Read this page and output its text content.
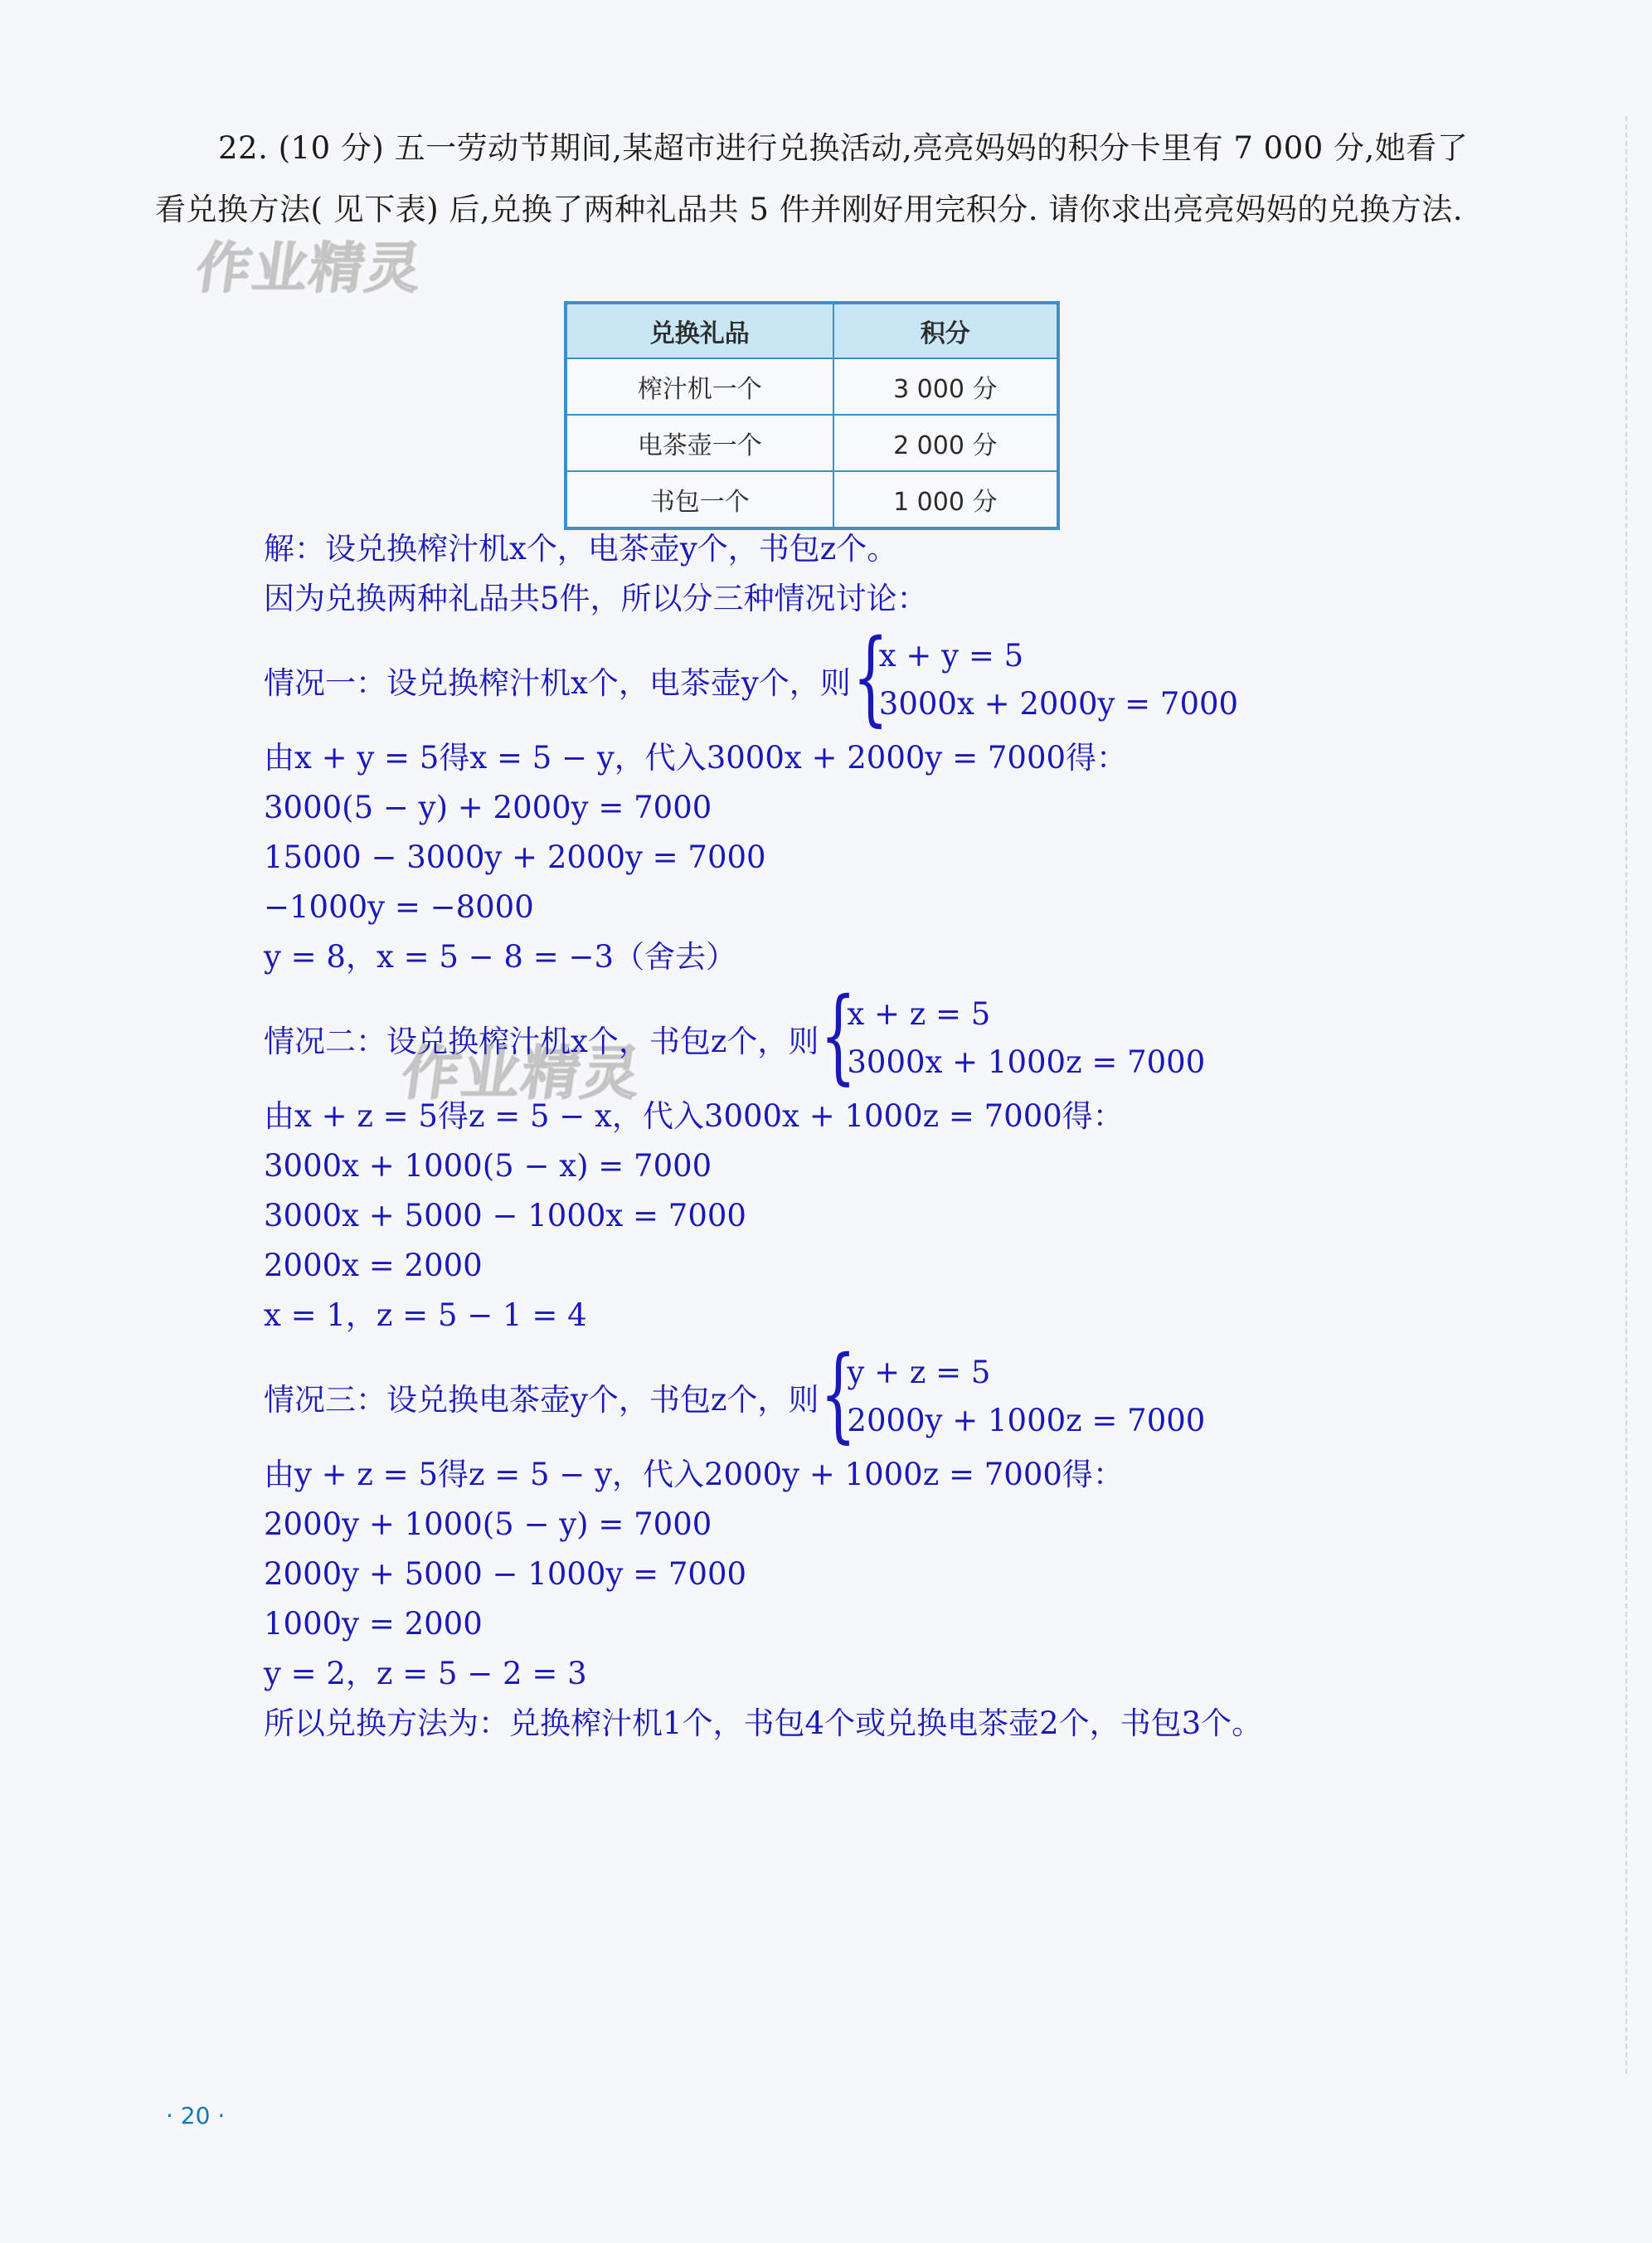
22. (10 分) 五一劳动节期间,某超市进行兑换活动,亮亮妈妈的积分卡里有 7 000 分,她看了看兑换方法( 见下表) 后,兑换了两种礼品共 5 件并刚好用完积分. 请你求出亮亮妈妈的兑换方法.
作业精灵
作业精灵
兑换礼品	积分
榨汁机一个	3 000 分
电茶壶一个	2 000 分
书包一个	1 000 分
解：设兑换榨汁机x个，电茶壶y个，书包z个。
因为兑换两种礼品共5件，所以分三种情况讨论：
情况一：设兑换榨汁机x个，电茶壶y个，则 {
x + y = 5
3000x + 2000y = 7000
由x + y = 5得x = 5 − y，代入3000x + 2000y = 7000得：
3000(5 − y) + 2000y = 7000
15000 − 3000y + 2000y = 7000
−1000y = −8000
y = 8，x = 5 − 8 = −3（舍去）
情况二：设兑换榨汁机x个，书包z个，则 {
x + z = 5
3000x + 1000z = 7000
由x + z = 5得z = 5 − x，代入3000x + 1000z = 7000得：
3000x + 1000(5 − x) = 7000
3000x + 5000 − 1000x = 7000
2000x = 2000
x = 1，z = 5 − 1 = 4
情况三：设兑换电茶壶y个，书包z个，则 {
y + z = 5
2000y + 1000z = 7000
由y + z = 5得z = 5 − y，代入2000y + 1000z = 7000得：
2000y + 1000(5 − y) = 7000
2000y + 5000 − 1000y = 7000
1000y = 2000
y = 2，z = 5 − 2 = 3
所以兑换方法为：兑换榨汁机1个，书包4个或兑换电茶壶2个，书包3个。
· 20 ·
